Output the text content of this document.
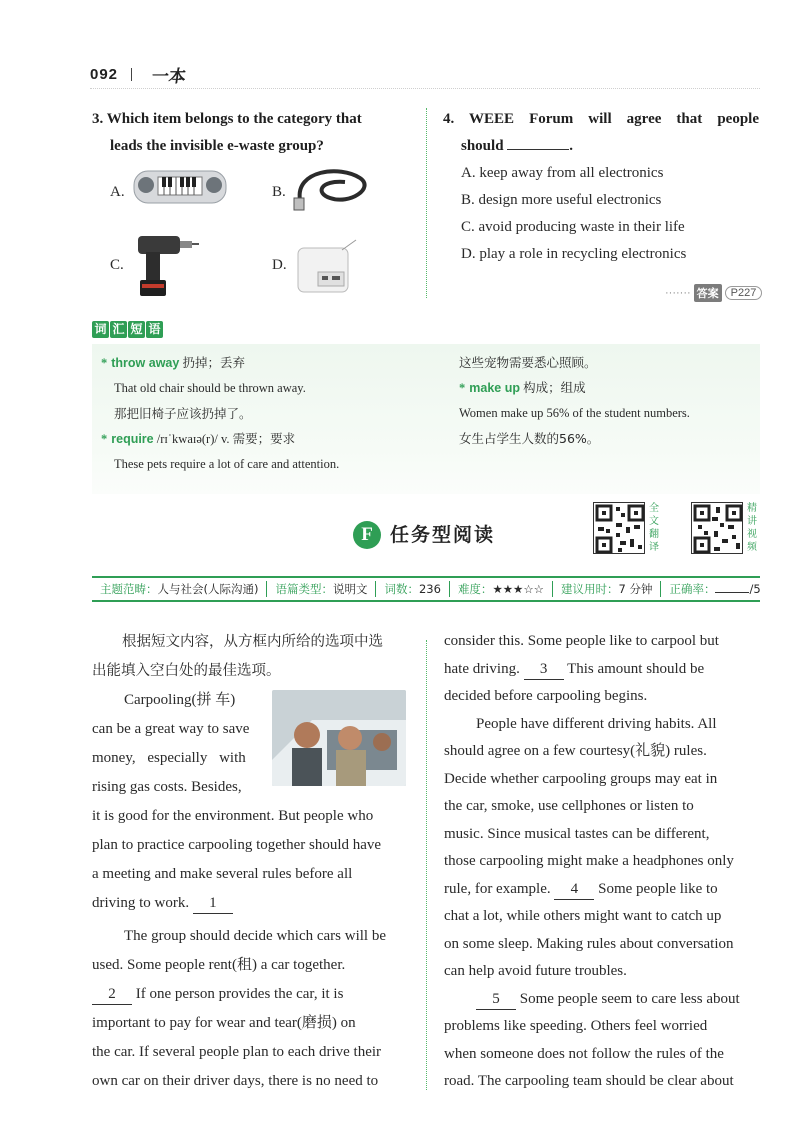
092 一本
3. Which item belongs to the category that
leads the invisible e-waste group?
A.	B.
C.	D.
4. WEEE Forum will agree that people
should	.
A. keep away from all electronics
B. design more useful electronics
C. avoid producing waste in their life
D. play a role in recycling electronics
······· 答案	P227
词 汇 短 语
* throw away 扔掉；丢弃
That old chair should be thrown away.
那把旧椅子应该扔掉了。
* require /rɪˈkwaɪə(r)/ v. 需要；要求
These pets require a lot of care and attention.
这些宠物需要悉心照顾。
* make up 构成；组成
Women make up 56% of the student numbers.
女生占学生人数的56%。
F 任务型阅读
全文翻译
精讲视频
主题范畴：人与社会(人际沟通)	语篇类型：说明文	词数：236	难度：★★★☆☆	建议用时：7 分钟	正确率：	/5
根据短文内容，从方框内所给的选项中选
出能填入空白处的最佳选项。
Carpooling(拼 车)
can be a great way to save
money, especially with
rising gas costs. Besides,
it is good for the environment. But people who
plan to practice carpooling together should have
a meeting and make several rules before all
driving to work. 1
The group should decide which cars will be
used. Some people rent(租) a car together.
2 If one person provides the car, it is
important to pay for wear and tear(磨损) on
the car. If several people plan to each drive their
own car on their driver days, there is no need to
consider this. Some people like to carpool but
hate driving. 3 This amount should be
decided before carpooling begins.
People have different driving habits. All
should agree on a few courtesy(礼貌) rules.
Decide whether carpooling groups may eat in
the car, smoke, use cellphones or listen to
music. Since musical tastes can be different,
those carpooling might make a headphones only
rule, for example. 4 Some people like to
chat a lot, while others might want to catch up
on some sleep. Making rules about conversation
can help avoid future troubles.
5 Some people seem to care less about
problems like speeding. Others feel worried
when someone does not follow the rules of the
road. The carpooling team should be clear about
